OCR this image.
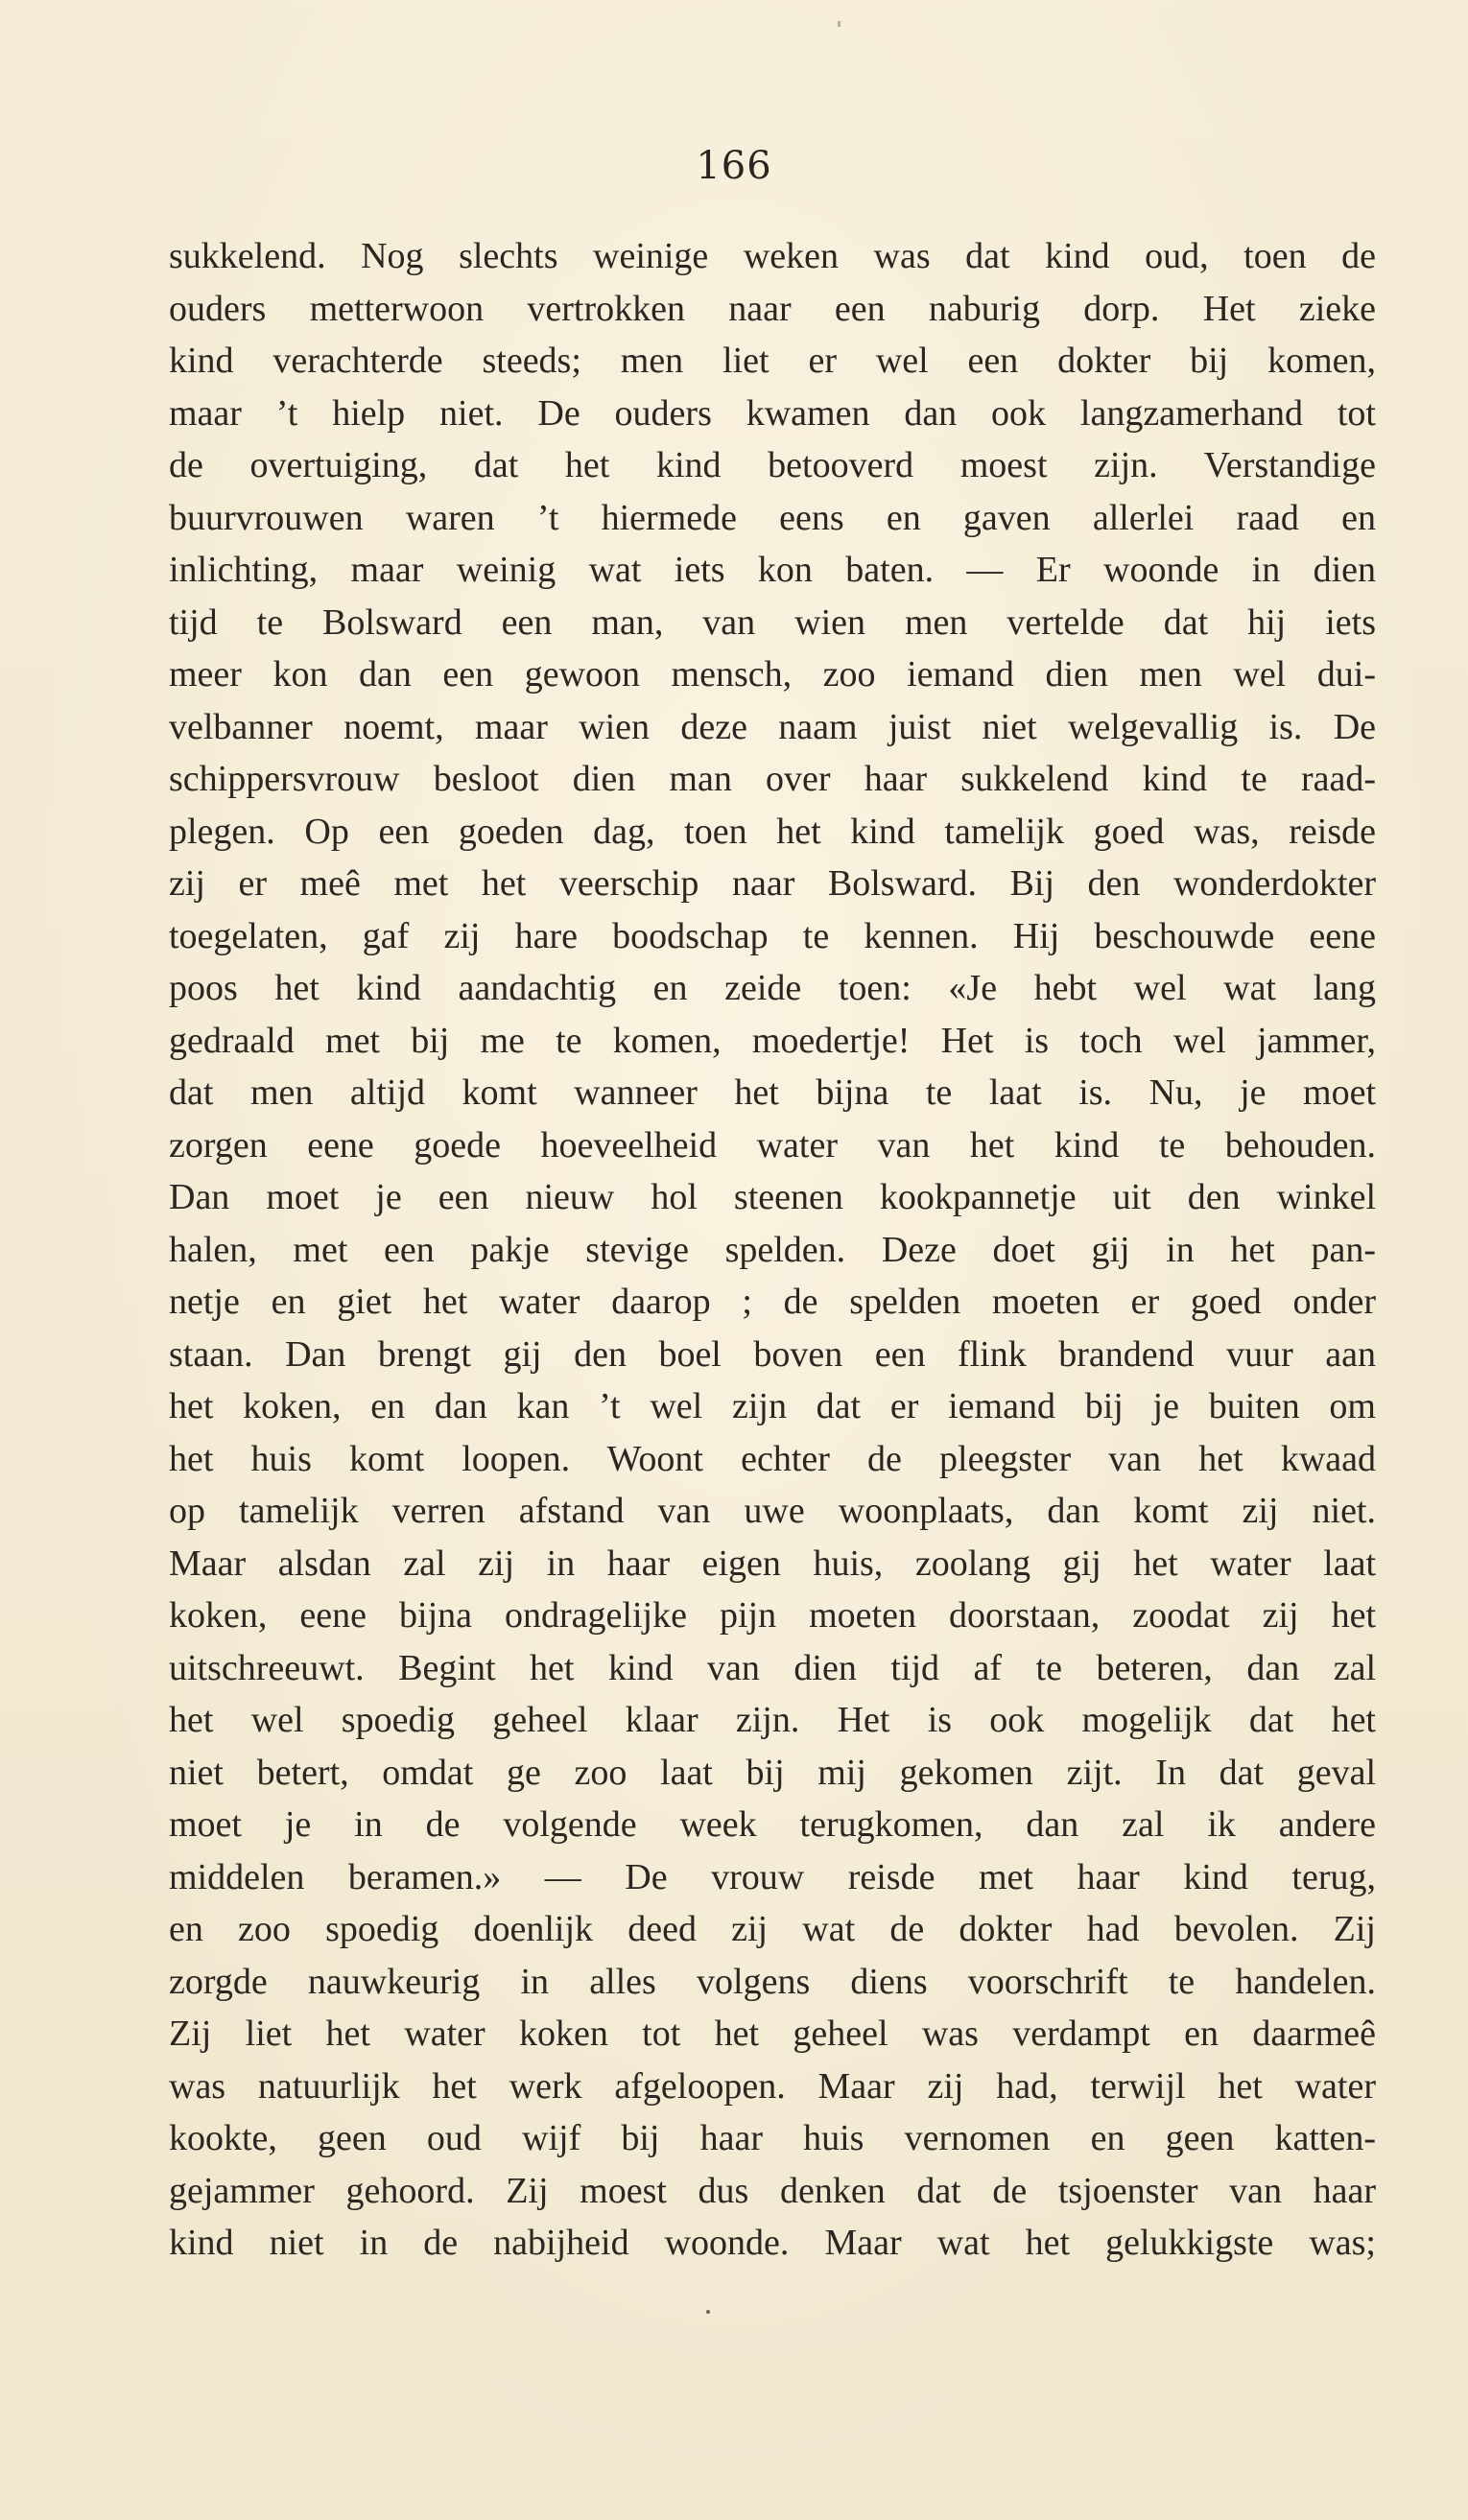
166
sukkelend. Nog slechts weinige weken was dat kind oud, toen de
ouders metterwoon vertrokken naar een naburig dorp. Het zieke
kind verachterde steeds; men liet er wel een dokter bij komen,
maar ’t hielp niet. De ouders kwamen dan ook langzamerhand tot
de overtuiging, dat het kind betooverd moest zijn. Verstandige
buurvrouwen waren ’t hiermede eens en gaven allerlei raad en
inlichting, maar weinig wat iets kon baten. — Er woonde in dien
tijd te Bolsward een man, van wien men vertelde dat hij iets
meer kon dan een gewoon mensch, zoo iemand dien men wel dui-
velbanner noemt, maar wien deze naam juist niet welgevallig is. De
schippersvrouw besloot dien man over haar sukkelend kind te raad-
plegen. Op een goeden dag, toen het kind tamelijk goed was, reisde
zij er meê met het veerschip naar Bolsward. Bij den wonderdokter
toegelaten, gaf zij hare boodschap te kennen. Hij beschouwde eene
poos het kind aandachtig en zeide toen: «Je hebt wel wat lang
gedraald met bij me te komen, moedertje! Het is toch wel jammer,
dat men altijd komt wanneer het bijna te laat is. Nu, je moet
zorgen eene goede hoeveelheid water van het kind te behouden.
Dan moet je een nieuw hol steenen kookpannetje uit den winkel
halen, met een pakje stevige spelden. Deze doet gij in het pan-
netje en giet het water daarop ; de spelden moeten er goed onder
staan. Dan brengt gij den boel boven een flink brandend vuur aan
het koken, en dan kan ’t wel zijn dat er iemand bij je buiten om
het huis komt loopen. Woont echter de pleegster van het kwaad
op tamelijk verren afstand van uwe woonplaats, dan komt zij niet.
Maar alsdan zal zij in haar eigen huis, zoolang gij het water laat
koken, eene bijna ondragelijke pijn moeten doorstaan, zoodat zij het
uitschreeuwt. Begint het kind van dien tijd af te beteren, dan zal
het wel spoedig geheel klaar zijn. Het is ook mogelijk dat het
niet betert, omdat ge zoo laat bij mij gekomen zijt. In dat geval
moet je in de volgende week terugkomen, dan zal ik andere
middelen beramen.» — De vrouw reisde met haar kind terug,
en zoo spoedig doenlijk deed zij wat de dokter had bevolen. Zij
zorgde nauwkeurig in alles volgens diens voorschrift te handelen.
Zij liet het water koken tot het geheel was verdampt en daarmeê
was natuurlijk het werk afgeloopen. Maar zij had, terwijl het water
kookte, geen oud wijf bij haar huis vernomen en geen katten-
gejammer gehoord. Zij moest dus denken dat de tsjoenster van haar
kind niet in de nabijheid woonde. Maar wat het gelukkigste was;
